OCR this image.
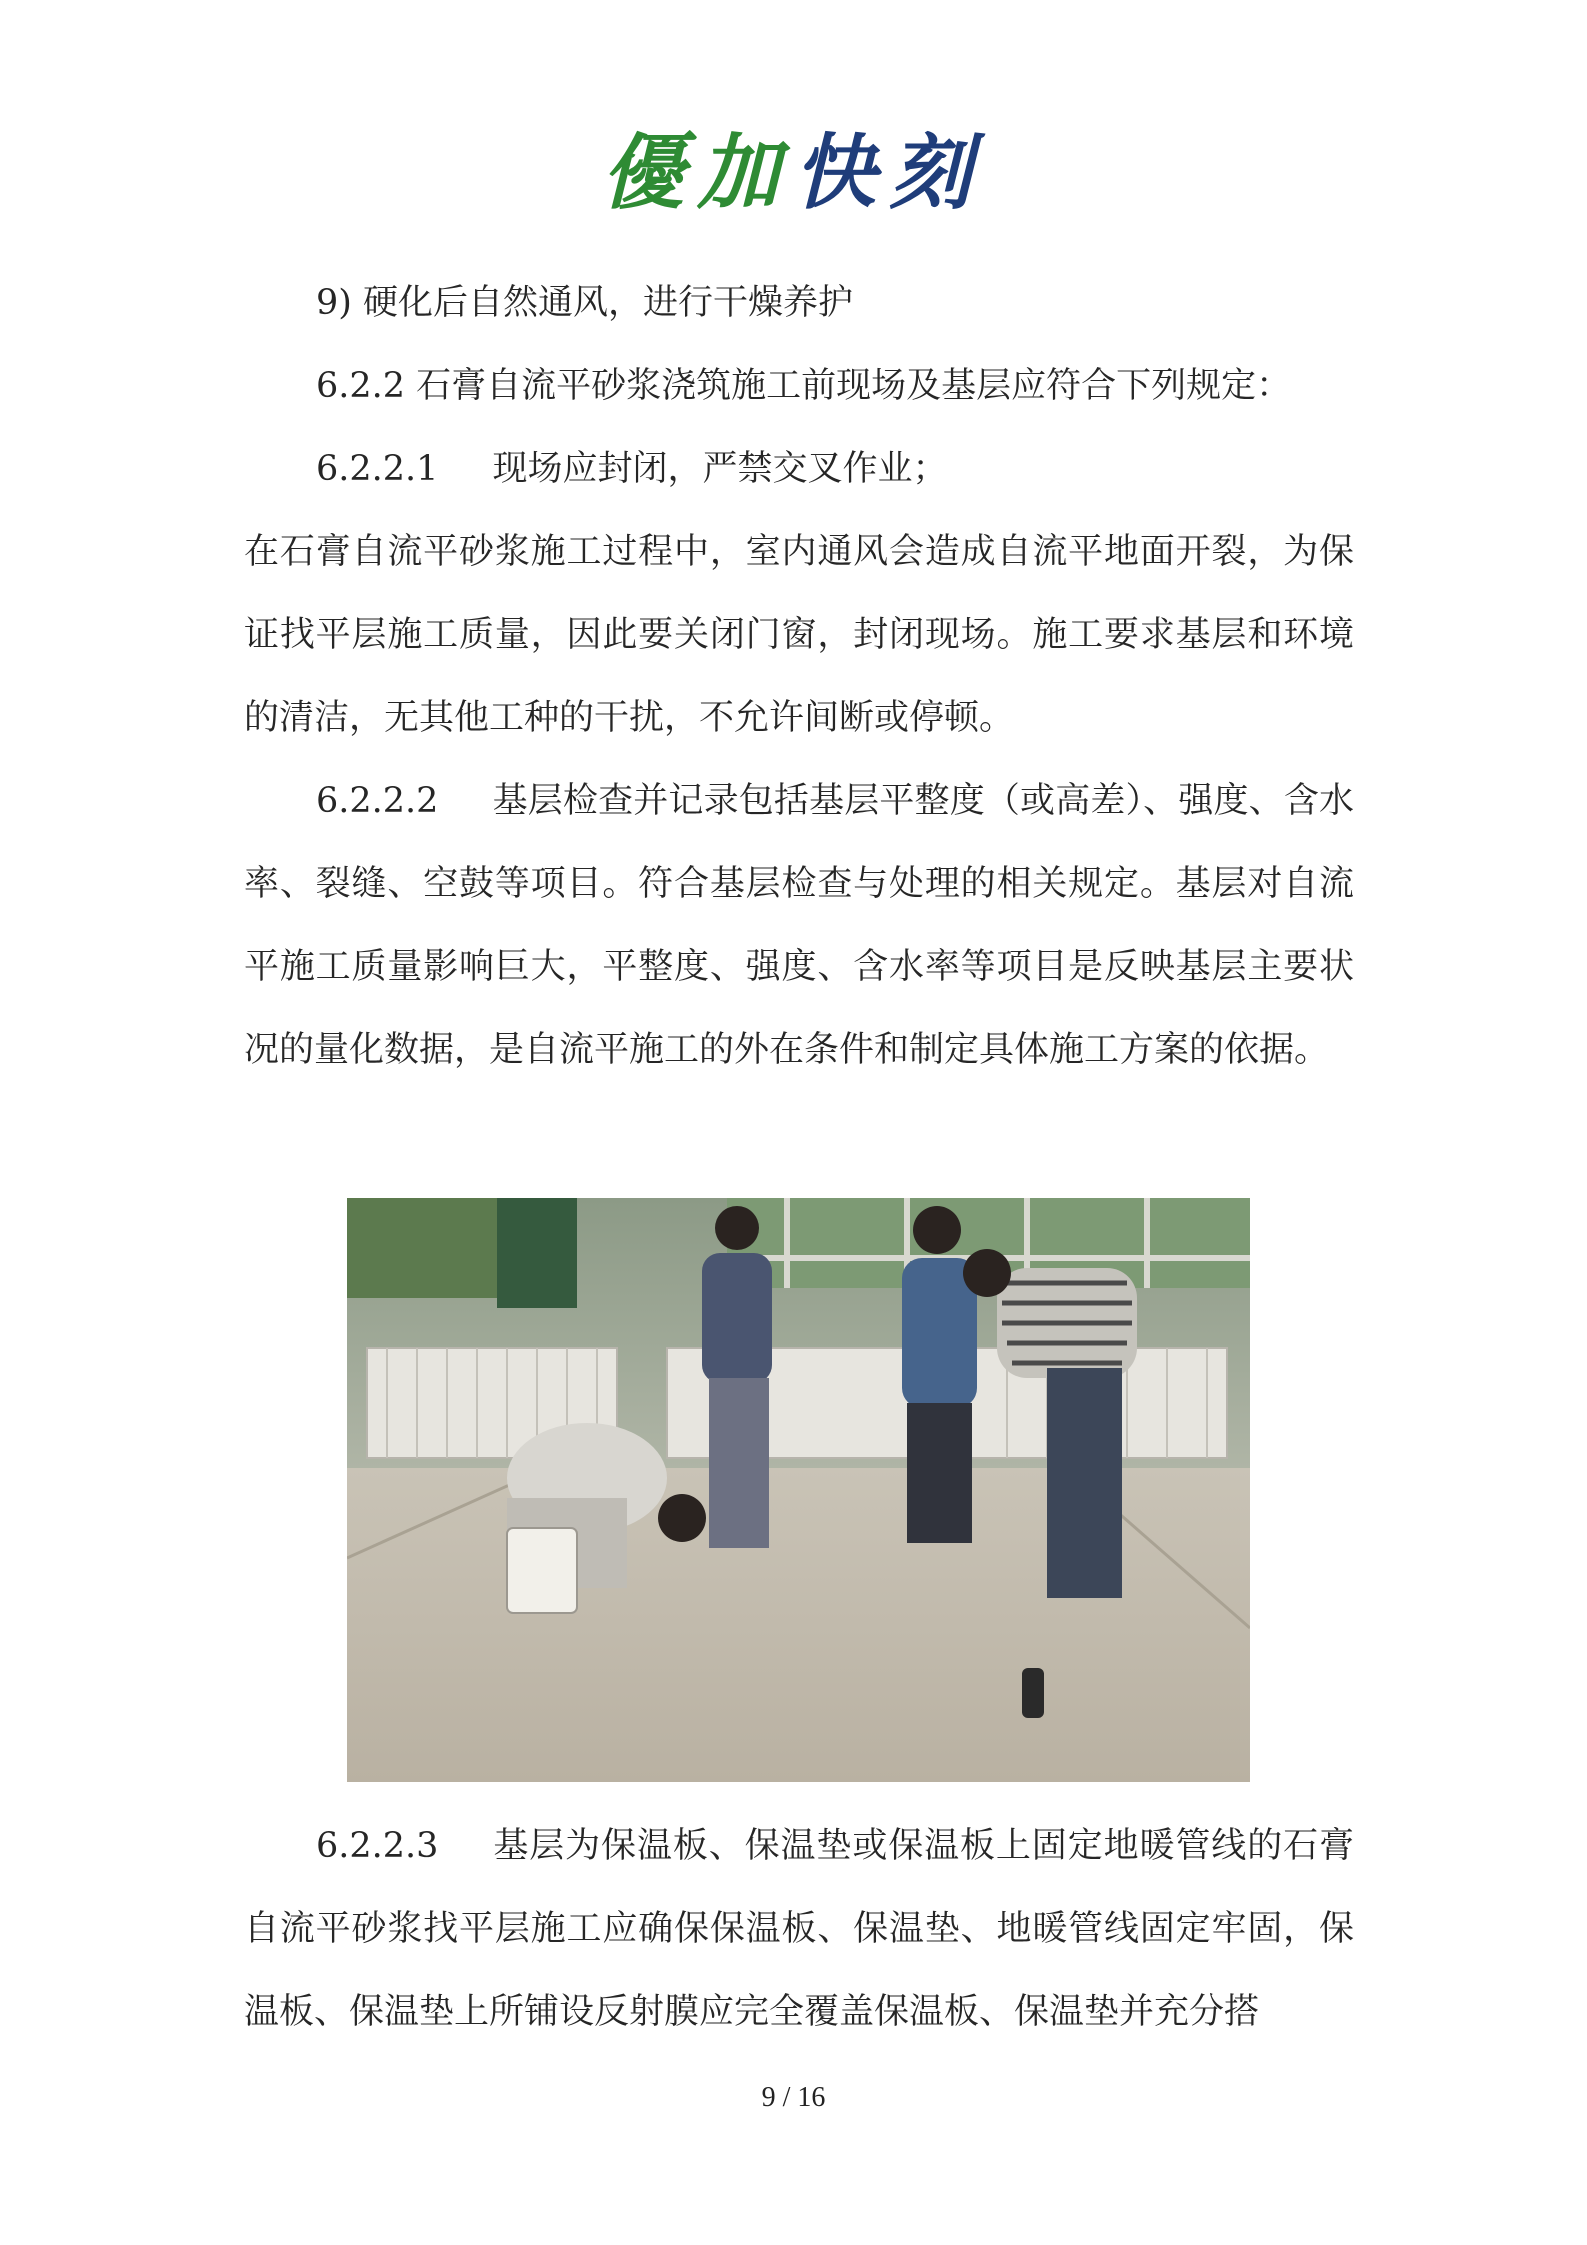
優加快刻

9) 硬化后自然通风，进行干燥养护

6.2.2 石膏自流平砂浆浇筑施工前现场及基层应符合下列规定：

6.2.2.1 现场应封闭，严禁交叉作业；

在石膏自流平砂浆施工过程中，室内通风会造成自流平地面开裂，为保证找平层施工质量，因此要关闭门窗，封闭现场。施工要求基层和环境的清洁，无其他工种的干扰，不允许间断或停顿。

6.2.2.2 基层检查并记录包括基层平整度（或高差）、强度、含水率、裂缝、空鼓等项目。符合基层检查与处理的相关规定。基层对自流平施工质量影响巨大，平整度、强度、含水率等项目是反映基层主要状况的量化数据，是自流平施工的外在条件和制定具体施工方案的依据。

6.2.2.3 基层为保温板、保温垫或保温板上固定地暖管线的石膏自流平砂浆找平层施工应确保保温板、保温垫、地暖管线固定牢固，保温板、保温垫上所铺设反射膜应完全覆盖保温板、保温垫并充分搭

9 / 16
